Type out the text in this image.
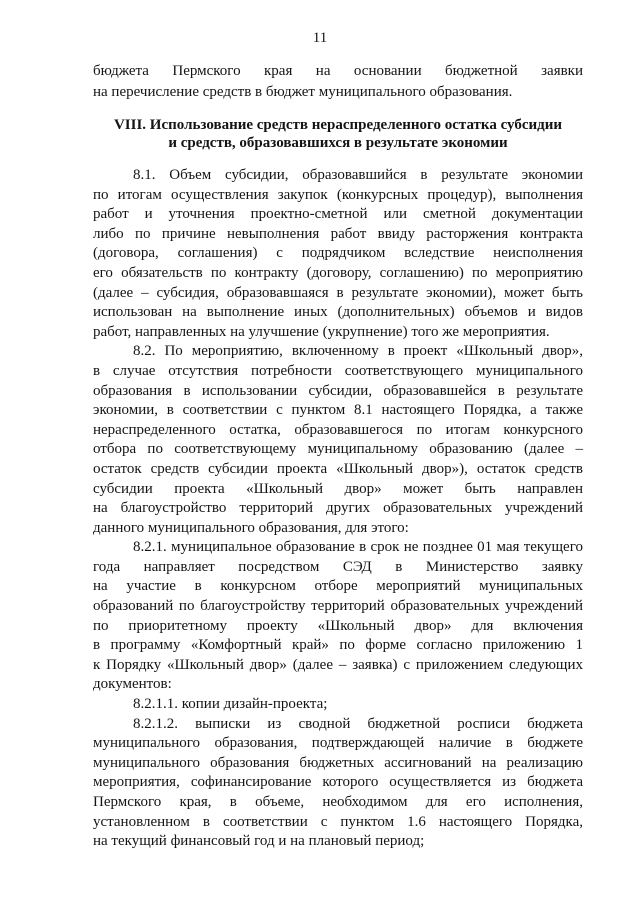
11
бюджета Пермского края на основании бюджетной заявки
на перечисление средств в бюджет муниципального образования.
VIII. Использование средств нераспределенного остатка субсидии
и средств, образовавшихся в результате экономии
8.1. Объем субсидии, образовавшийся в результате экономии
по итогам осуществления закупок (конкурсных процедур), выполнения
работ и уточнения проектно-сметной или сметной документации
либо по причине невыполнения работ ввиду расторжения контракта
(договора, соглашения) с подрядчиком вследствие неисполнения
его обязательств по контракту (договору, соглашению) по мероприятию
(далее – субсидия, образовавшаяся в результате экономии), может быть
использован на выполнение иных (дополнительных) объемов и видов
работ, направленных на улучшение (укрупнение) того же мероприятия.
8.2. По мероприятию, включенному в проект «Школьный двор»,
в случае отсутствия потребности соответствующего муниципального
образования в использовании субсидии, образовавшейся в результате
экономии, в соответствии с пунктом 8.1 настоящего Порядка, а также
нераспределенного остатка, образовавшегося по итогам конкурсного
отбора по соответствующему муниципальному образованию (далее –
остаток средств субсидии проекта «Школьный двор»), остаток средств
субсидии проекта «Школьный двор» может быть направлен
на благоустройство территорий других образовательных учреждений
данного муниципального образования, для этого:
8.2.1. муниципальное образование в срок не позднее 01 мая текущего
года направляет посредством СЭД в Министерство заявку
на участие в конкурсном отборе мероприятий муниципальных
образований по благоустройству территорий образовательных учреждений
по приоритетному проекту «Школьный двор» для включения
в программу «Комфортный край» по форме согласно приложению 1
к Порядку «Школьный двор» (далее – заявка) с приложением следующих
документов:
8.2.1.1. копии дизайн-проекта;
8.2.1.2. выписки из сводной бюджетной росписи бюджета
муниципального образования, подтверждающей наличие в бюджете
муниципального образования бюджетных ассигнований на реализацию
мероприятия, софинансирование которого осуществляется из бюджета
Пермского края, в объеме, необходимом для его исполнения,
установленном в соответствии с пунктом 1.6 настоящего Порядка,
на текущий финансовый год и на плановый период;
